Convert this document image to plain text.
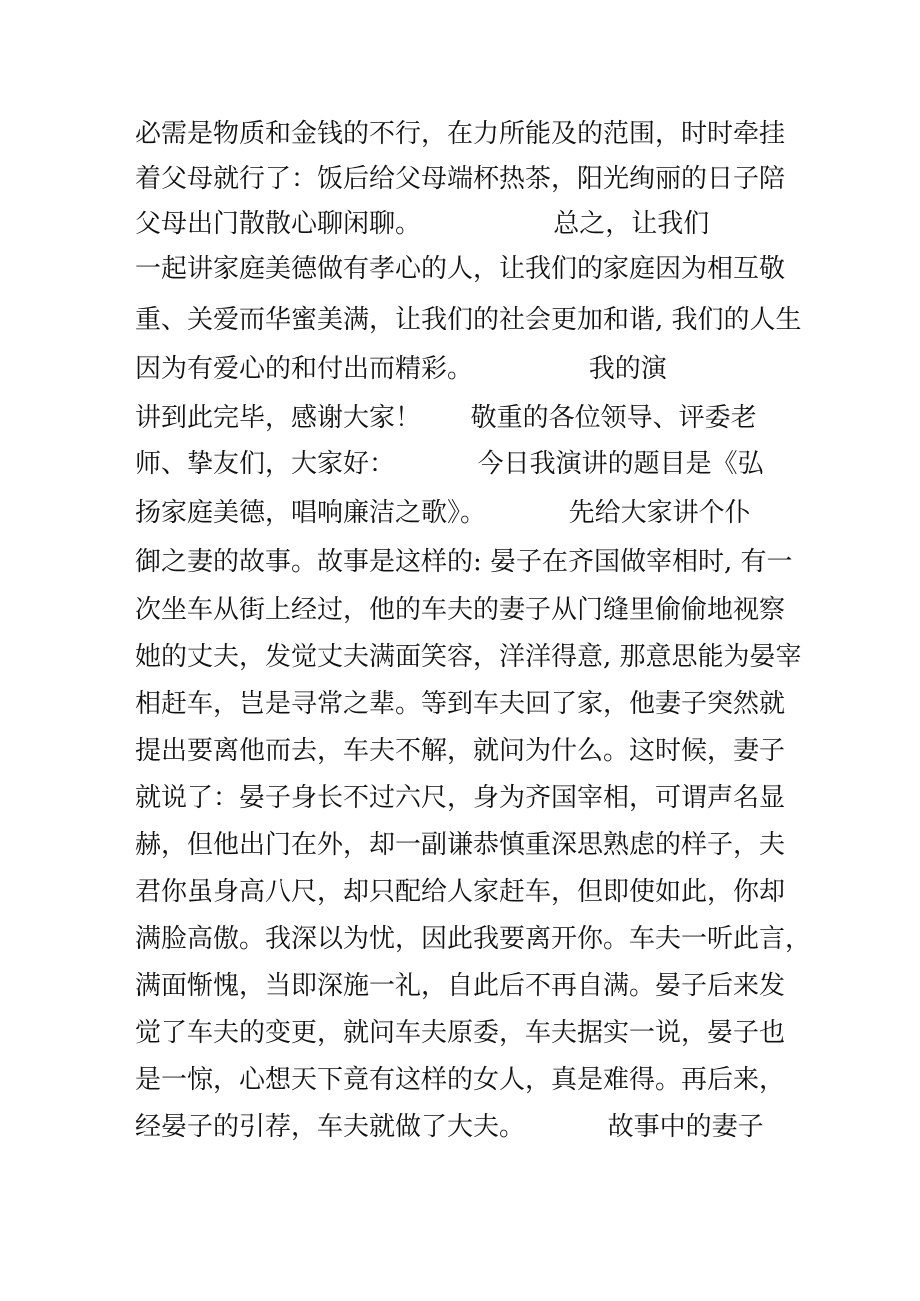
必需是物质和金钱的不行，在力所能及的范围，时时牵挂
着父母就行了：饭后给父母端杯热茶，阳光绚丽的日子陪
父母出门散散心聊闲聊。                总之，让我们
一起讲家庭美德做有孝心的人，让我们的家庭因为相互敬
重、关爱而华蜜美满，让我们的社会更加和谐, 我们的人生
因为有爱心的和付出而精彩。              我的演
讲到此完毕，感谢大家！      敬重的各位领导、评委老
师、挚友们，大家好：          今日我演讲的题目是《弘
扬家庭美德，唱响廉洁之歌》。          先给大家讲个仆
御之妻的故事。故事是这样的: 晏子在齐国做宰相时, 有一
次坐车从街上经过，他的车夫的妻子从门缝里偷偷地视察
她的丈夫，发觉丈夫满面笑容，洋洋得意, 那意思能为晏宰
相赶车，岂是寻常之辈。等到车夫回了家，他妻子突然就
提出要离他而去，车夫不解，就问为什么。这时候，妻子
就说了：晏子身长不过六尺，身为齐国宰相，可谓声名显
赫，但他出门在外，却一副谦恭慎重深思熟虑的样子，夫
君你虽身高八尺，却只配给人家赶车，但即使如此，你却
满脸高傲。我深以为忧，因此我要离开你。车夫一听此言，
满面惭愧，当即深施一礼，自此后不再自满。晏子后来发
觉了车夫的变更，就问车夫原委，车夫据实一说，晏子也
是一惊，心想天下竟有这样的女人，真是难得。再后来，
经晏子的引荐，车夫就做了大夫。          故事中的妻子
